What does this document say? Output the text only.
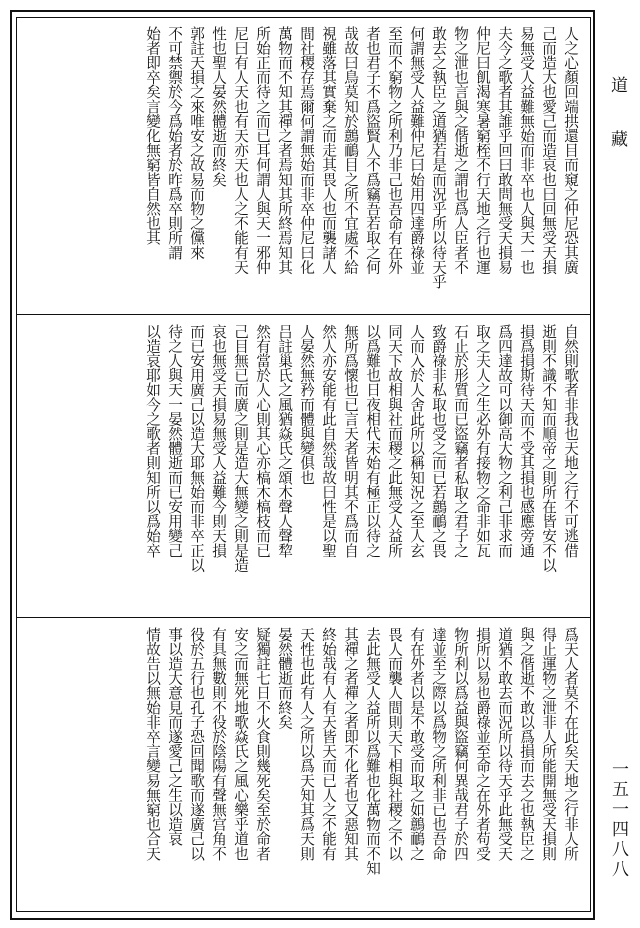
人之心顏回端拱還目而窺之仲尼恐其廣
己而造大也愛己而造哀也曰回無受天損
易無受人益難無始而非卒也人與天一也
夫今之歌者其誰乎回曰敢問無受天損易
仲尼曰飢渴寒暑窮桎不行天地之行也運
物之泄也言與之偕逝之謂也爲人臣者不
敢去之執臣之道猶若是而況乎所以待天乎
何謂無受人益難仲尼曰始用四達爵祿並
至而不窮物之所利乃非己也吾命有在外
者也君子不爲盜賢人不爲竊吾若取之何
哉故曰鳥莫知於鷾鴯目之所不宜處不給
視雖落其實棄之而走其畏人也而襲諸人
間社稷存焉爾何謂無始而非卒仲尼曰化
萬物而不知其禪之者焉知其所終焉知其
所始正而待之而已耳何謂人與天一邪仲
尼曰有人天也有天亦天也人之不能有天
性也聖人晏然體逝而終矣
郭註天損之來唯安之故易而物之儻來
不可禁禦於今爲始者於昨爲卒則所謂
始者即卒矣言變化無窮皆自然也其
自然則歌者非我也天地之行不可逃借
逝則不識不知而順帝之則所在皆安不以
損爲損斯待天而不受其損也感應旁通
爲四達故可以御高大物之利己非求而
取之夫人之生必外有接物之命非如瓦
石止於形質而已盜竊者私取之君子之
致爵祿非私取也受之而已若鷾鴯之畏
人而入於人舍此所以稱知況之至人玄
同天下故相與社而稷之此無受人益所
以爲難也日夜相代未始有極正以待之
無所爲懷也已言天者皆明其不爲而自
然人亦安能有此自然哉故曰性是以聖
人晏然無矜而體與變俱也
吕註巢氏之風猶焱氏之頌木聲人聲犂
然有當於人心則其心亦槁木槁枝而已
己目無已而廣之則是造大無變之則是造
哀也無受天損易無受人益難今則天損
而已安用廣己以造大耶無始而非卒正以
待之人與天一晏然體逝而已安用變己
以造哀耶如今之歌者則知所以爲始卒
爲天人者莫不在此矣天地之行非人所
得止運物之泄非人所能開無受天損則
與之偕逝不敢以爲損而去之也執臣之
道猶不敢去而況所以待天乎此無受天
損所以易也爵祿並至命之在外者苟受
物所利以爲益與盜竊何異哉君子於四
達並至之際以爲物之所利非已也吾命
有在外者以是不敢受而取之如鷾鴯之
畏人而襲人間則天下相與社稷之不以
去此無受人益所以爲難也化萬物而不知
其禪之者禪之者即不化者也又惡知其
終始哉有人有天皆天而已人之不能有
天性也此有人之所以爲天知其爲天則
晏然體逝而終矣
疑獨註七日不火食則幾死矣至於命者
安之而無死地歌焱氏之風心樂乎道也
有具無數則不役於陰陽有聲無宫角不
役於五行也孔子恐回聞歌而遂廣己以
事以造大意見而遂愛己之生以造哀
情故告以無始非卒言變易無窮也合天
道
藏
一五一四八八
